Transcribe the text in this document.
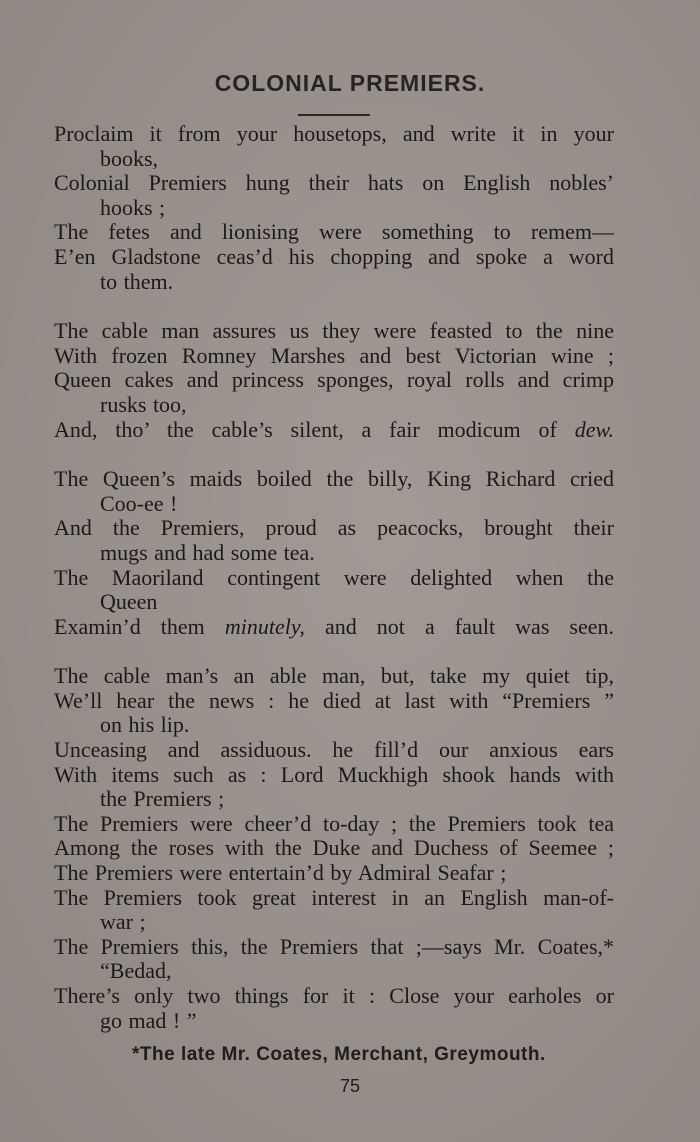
COLONIAL PREMIERS.
Proclaim it from your housetops, and write it in your
books,
Colonial Premiers hung their hats on English nobles’
hooks ;
The fetes and lionising were something to remem—
E’en Gladstone ceas’d his chopping and spoke a word
to them.
The cable man assures us they were feasted to the nine
With frozen Romney Marshes and best Victorian wine ;
Queen cakes and princess sponges, royal rolls and crimp
rusks too,
And, tho’ the cable’s silent, a fair modicum of dew.
The Queen’s maids boiled the billy, King Richard cried
Coo-ee !
And the Premiers, proud as peacocks, brought their
mugs and had some tea.
The Maoriland contingent were delighted when the
Queen
Examin’d them minutely, and not a fault was seen.
The cable man’s an able man, but, take my quiet tip,
We’ll hear the news : he died at last with “Premiers ”
on his lip.
Unceasing and assiduous. he fill’d our anxious ears
With items such as : Lord Muckhigh shook hands with
the Premiers ;
The Premiers were cheer’d to-day ; the Premiers took tea
Among the roses with the Duke and Duchess of Seemee ;
The Premiers were entertain’d by Admiral Seafar ;
The Premiers took great interest in an English man-of-
war ;
The Premiers this, the Premiers that ;—says Mr. Coates,*
“Bedad,
There’s only two things for it : Close your earholes or
go mad ! ”
*The late Mr. Coates, Merchant, Greymouth.
75
